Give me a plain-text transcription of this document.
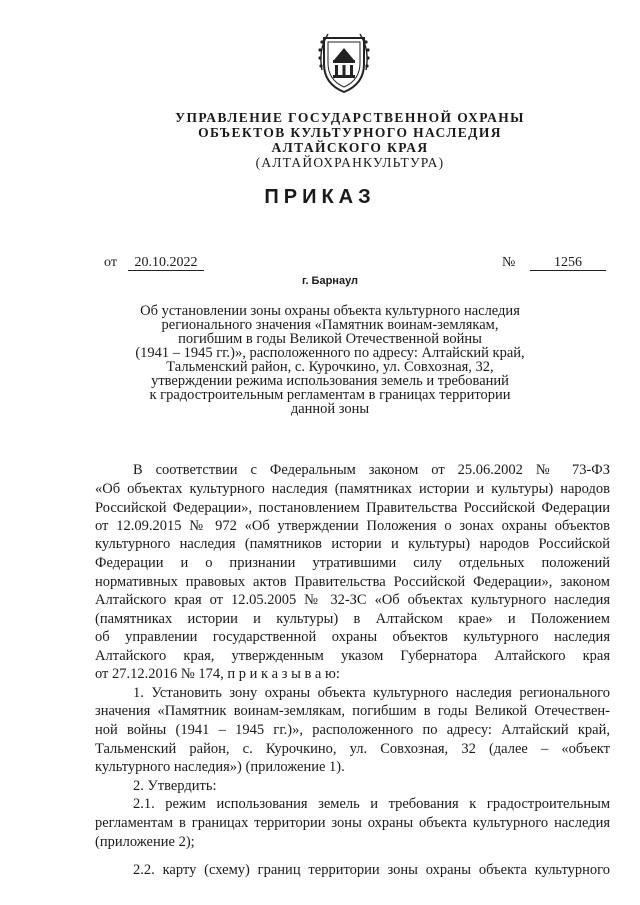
УПРАВЛЕНИЕ ГОСУДАРСТВЕННОЙ ОХРАНЫ
ОБЪЕКТОВ КУЛЬТУРНОГО НАСЛЕДИЯ
АЛТАЙСКОГО КРАЯ
(АЛТАЙОХРАНКУЛЬТУРА)
ПРИКАЗ
от	20.10.2022	№	1256
г. Барнаул
Об установлении зоны охраны объекта культурного наследия
регионального значения «Памятник воинам-землякам,
погибшим в годы Великой Отечественной войны
(1941 – 1945 гг.)», расположенного по адресу: Алтайский край,
Тальменский район, с. Курочкино, ул. Совхозная, 32,
утверждении режима использования земель и требований
к градостроительным регламентам в границах территории
данной зоны
В соответствии с Федеральным законом от 25.06.2002 № 73-ФЗ
«Об объектах культурного наследия (памятниках истории и культуры) народов
Российской Федерации», постановлением Правительства Российской Федерации
от 12.09.2015 № 972 «Об утверждении Положения о зонах охраны объектов
культурного наследия (памятников истории и культуры) народов Российской
Федерации и о признании утратившими силу отдельных положений
нормативных правовых актов Правительства Российской Федерации», законом
Алтайского края от 12.05.2005 № 32-ЗС «Об объектах культурного наследия
(памятниках истории и культуры) в Алтайском крае» и Положением
об управлении государственной охраны объектов культурного наследия
Алтайского края, утвержденным указом Губернатора Алтайского края
от 27.12.2016 № 174, п р и к а з ы в а ю:
1. Установить зону охраны объекта культурного наследия регионального
значения «Памятник воинам-землякам, погибшим в годы Великой Отечествен-
ной войны (1941 – 1945 гг.)», расположенного по адресу: Алтайский край,
Тальменский район, с. Курочкино, ул. Совхозная, 32 (далее – «объект
культурного наследия») (приложение 1).
2. Утвердить:
2.1. режим использования земель и требования к градостроительным
регламентам в границах территории зоны охраны объекта культурного наследия
(приложение 2);
2.2. карту (схему) границ территории зоны охраны объекта культурного
